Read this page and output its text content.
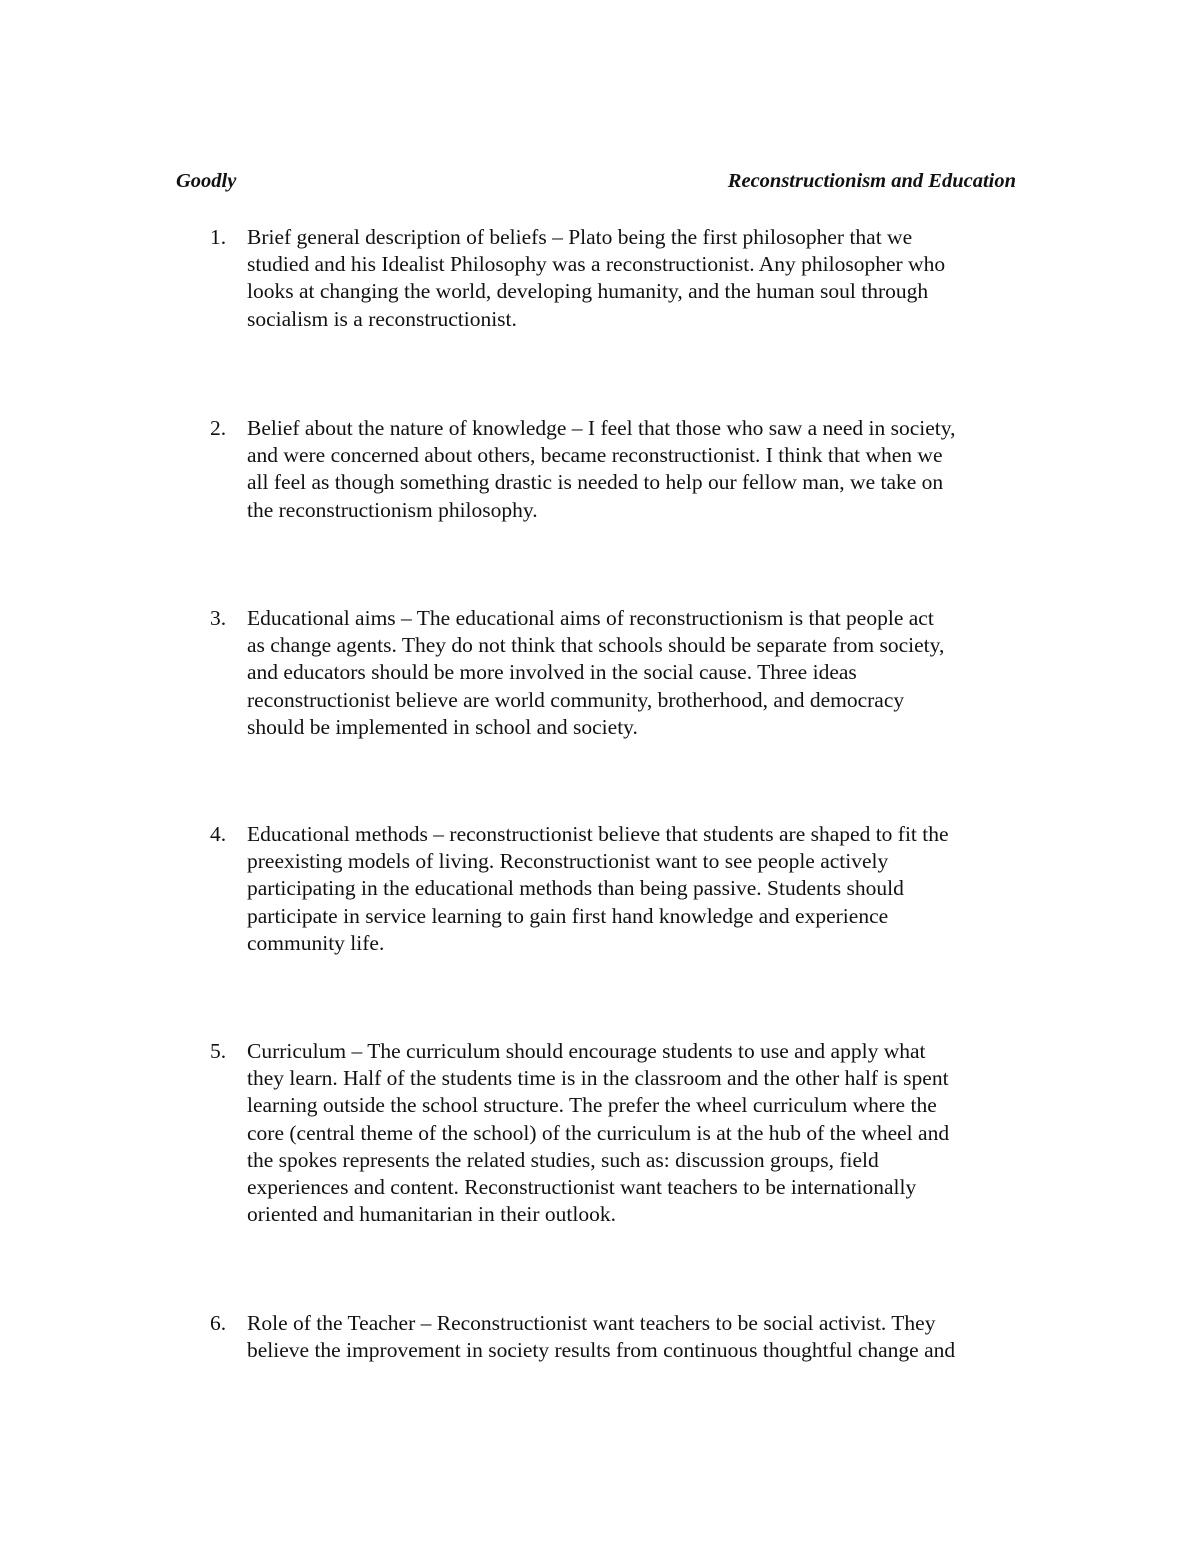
Goodly	Reconstructionism and Education
1. Brief general description of beliefs – Plato being the first philosopher that we
studied and his Idealist Philosophy was a reconstructionist. Any philosopher who
looks at changing the world, developing humanity, and the human soul through
socialism is a reconstructionist.
2. Belief about the nature of knowledge – I feel that those who saw a need in society,
and were concerned about others, became reconstructionist. I think that when we
all feel as though something drastic is needed to help our fellow man, we take on
the reconstructionism philosophy.
3. Educational aims – The educational aims of reconstructionism is that people act
as change agents. They do not think that schools should be separate from society,
and educators should be more involved in the social cause. Three ideas
reconstructionist believe are world community, brotherhood, and democracy
should be implemented in school and society.
4. Educational methods – reconstructionist believe that students are shaped to fit the
preexisting models of living. Reconstructionist want to see people actively
participating in the educational methods than being passive. Students should
participate in service learning to gain first hand knowledge and experience
community life.
5. Curriculum – The curriculum should encourage students to use and apply what
they learn. Half of the students time is in the classroom and the other half is spent
learning outside the school structure. The prefer the wheel curriculum where the
core (central theme of the school) of the curriculum is at the hub of the wheel and
the spokes represents the related studies, such as: discussion groups, field
experiences and content. Reconstructionist want teachers to be internationally
oriented and humanitarian in their outlook.
6. Role of the Teacher – Reconstructionist want teachers to be social activist. They
believe the improvement in society results from continuous thoughtful change and
